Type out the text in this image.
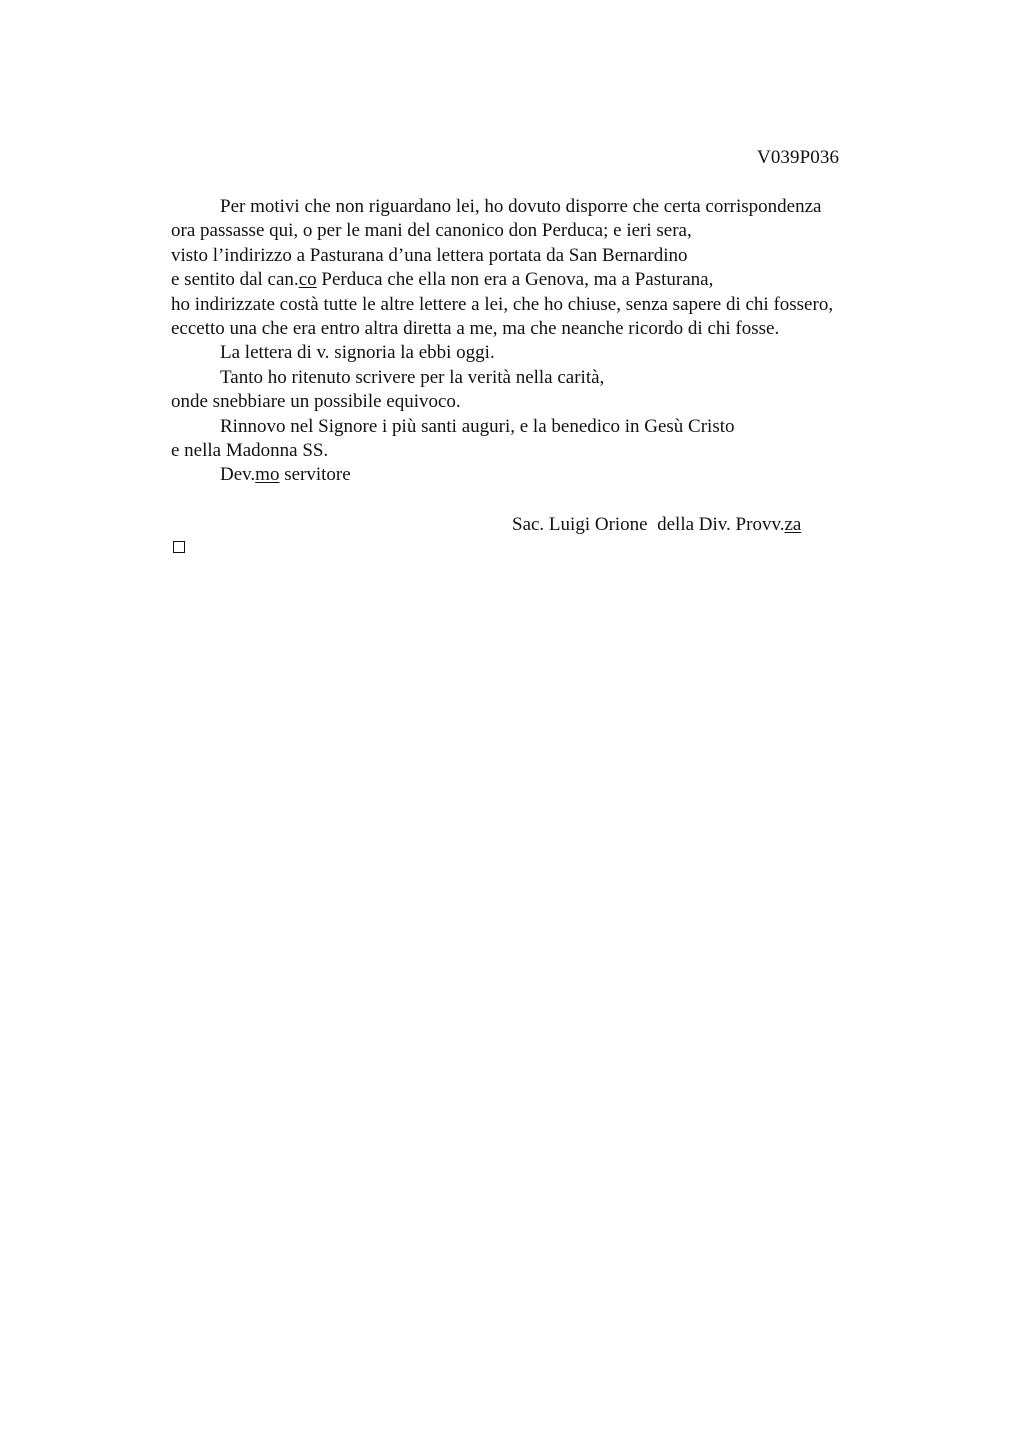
V039P036
Per motivi che non riguardano lei, ho dovuto disporre che certa corrispondenza
ora passasse qui, o per le mani del canonico don Perduca; e ieri sera,
visto l’indirizzo a Pasturana d’una lettera portata da San Bernardino
e sentito dal can.co Perduca che ella non era a Genova, ma a Pasturana,
ho indirizzate costà tutte le altre lettere a lei, che ho chiuse, senza sapere di chi fossero,
eccetto una che era entro altra diretta a me, ma che neanche ricordo di chi fosse.
La lettera di v. signoria la ebbi oggi.
Tanto ho ritenuto scrivere per la verità nella carità,
onde snebbiare un possibile equivoco.
Rinnovo nel Signore i più santi auguri, e la benedico in Gesù Cristo
e nella Madonna SS.
Dev.mo servitore
Sac. Luigi Orione  della Div. Provv.za
